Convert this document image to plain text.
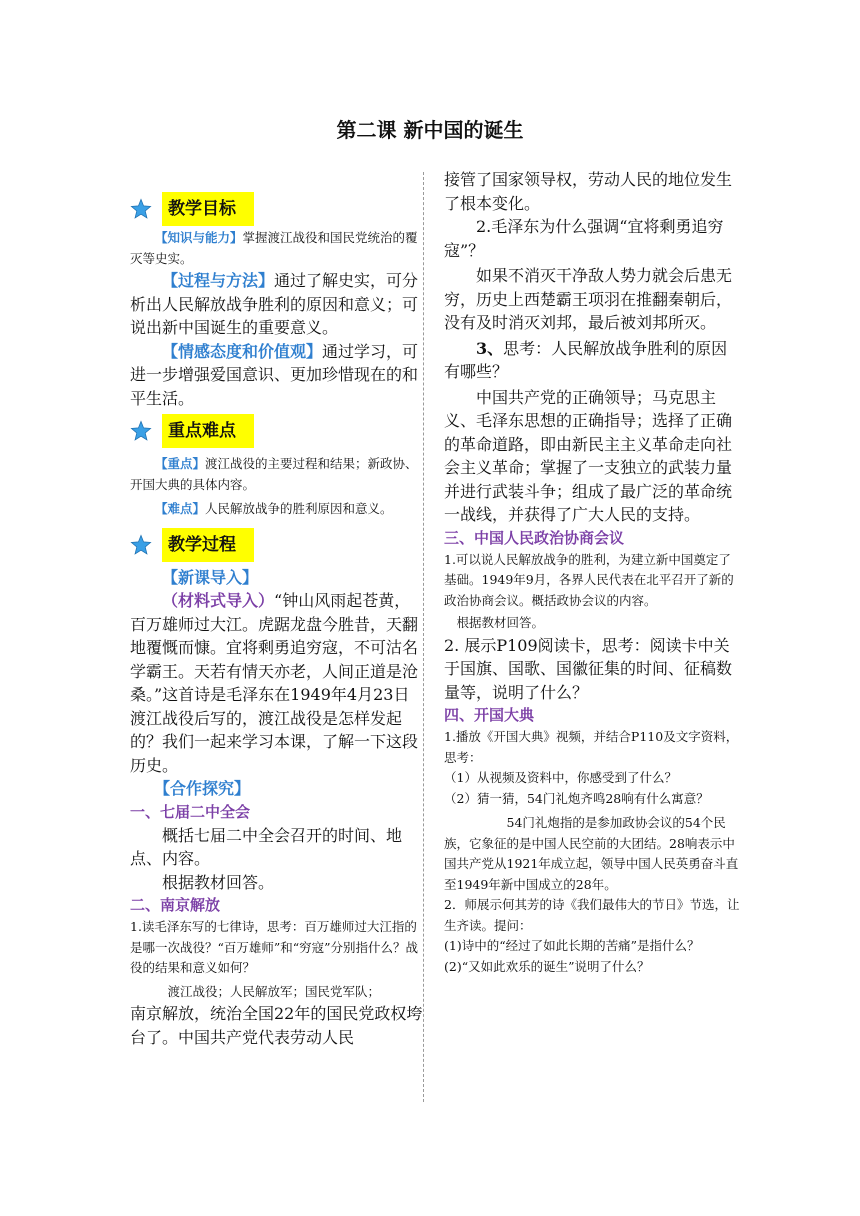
第二课 新中国的诞生
教学目标

【知识与能力】掌握渡江战役和国民党统治的覆灭等史实。

【过程与方法】通过了解史实，可分析出人民解放战争胜利的原因和意义；可说出新中国诞生的重要意义。

【情感态度和价值观】通过学习，可进一步增强爱国意识、更加珍惜现在的和平生活。

重点难点

【重点】渡江战役的主要过程和结果；新政协、开国大典的具体内容。

【难点】人民解放战争的胜利原因和意义。

教学过程

【新课导入】

（材料式导入）“钟山风雨起苍黄，百万雄师过大江。虎踞龙盘今胜昔，天翻地覆慨而慷。宜将剩勇追穷寇，不可沽名学霸王。天若有情天亦老，人间正道是沧桑。”这首诗是毛泽东在1949年4月23日渡江战役后写的，渡江战役是怎样发起的？我们一起来学习本课，了解一下这段历史。

【合作探究】

一、七届二中全会

概括七届二中全会召开的时间、地点、内容。

根据教材回答。

二、南京解放

1.读毛泽东写的七律诗，思考：百万雄师过大江指的是哪一次战役？“百万雄师”和“穷寇”分别指什么？战役的结果和意义如何？

渡江战役；人民解放军；国民党军队；

南京解放，统治全国22年的国民党政权垮台了。中国共产党代表劳动人民

接管了国家领导权，劳动人民的地位发生了根本变化。

2.毛泽东为什么强调“宜将剩勇追穷寇”？

如果不消灭干净敌人势力就会后患无穷，历史上西楚霸王项羽在推翻秦朝后，没有及时消灭刘邦，最后被刘邦所灭。

3、思考：人民解放战争胜利的原因有哪些？

中国共产党的正确领导；马克思主义、毛泽东思想的正确指导；选择了正确的革命道路，即由新民主主义革命走向社会主义革命；掌握了一支独立的武装力量并进行武装斗争；组成了最广泛的革命统一战线，并获得了广大人民的支持。

三、中国人民政治协商会议

1.可以说人民解放战争的胜利，为建立新中国奠定了基础。1949年9月，各界人民代表在北平召开了新的政治协商会议。概括政协会议的内容。

根据教材回答。

2. 展示P109阅读卡，思考：阅读卡中关于国旗、国歌、国徽征集的时间、征稿数量等，说明了什么？

四、开国大典

1.播放《开国大典》视频，并结合P110及文字资料，思考：

（1）从视频及资料中，你感受到了什么？

（2）猜一猜，54门礼炮齐鸣28响有什么寓意？

54门礼炮指的是参加政协会议的54个民族，它象征的是中国人民空前的大团结。28响表示中国共产党从1921年成立起，领导中国人民英勇奋斗直至1949年新中国成立的28年。

2．师展示何其芳的诗《我们最伟大的节日》节选，让生齐读。提问：

(1)诗中的“经过了如此长期的苦痛”是指什么？

(2)“又如此欢乐的诞生”说明了什么？
